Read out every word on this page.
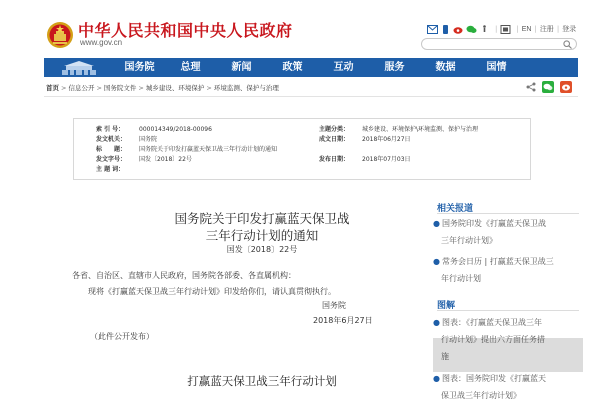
中华人民共和国中央人民政府
www.gov.cn
|	| EN | 注册 | 登录
国务院	总理	新闻	政策	互动	服务	数据	国情
首页 > 信息公开 > 国务院文件 > 城乡建设、环境保护 > 环境监测、保护与治理
索 引 号：	000014349/2018-00096	主题分类：	城乡建设、环境保护\环境监测、保护与治理
发文机关：	国务院	成文日期：	2018年06月27日
标　　题：	国务院关于印发打赢蓝天保卫战三年行动计划的通知
发文字号：	国发〔2018〕22号	发布日期：	2018年07月03日
主 题 词：
国务院关于印发打赢蓝天保卫战
三年行动计划的通知
国发〔2018〕22号
各省、自治区、直辖市人民政府，国务院各部委、各直属机构：
现将《打赢蓝天保卫战三年行动计划》印发给你们，请认真贯彻执行。
国务院
2018年6月27日
（此件公开发布）
打赢蓝天保卫战三年行动计划
相关报道
● 国务院印发《打赢蓝天保卫战
三年行动计划》
● 常务会日历 | 打赢蓝天保卫战三
年行动计划
图解
● 图表：《打赢蓝天保卫战三年
行动计划》提出六方面任务措
施
● 图表：国务院印发《打赢蓝天
保卫战三年行动计划》
